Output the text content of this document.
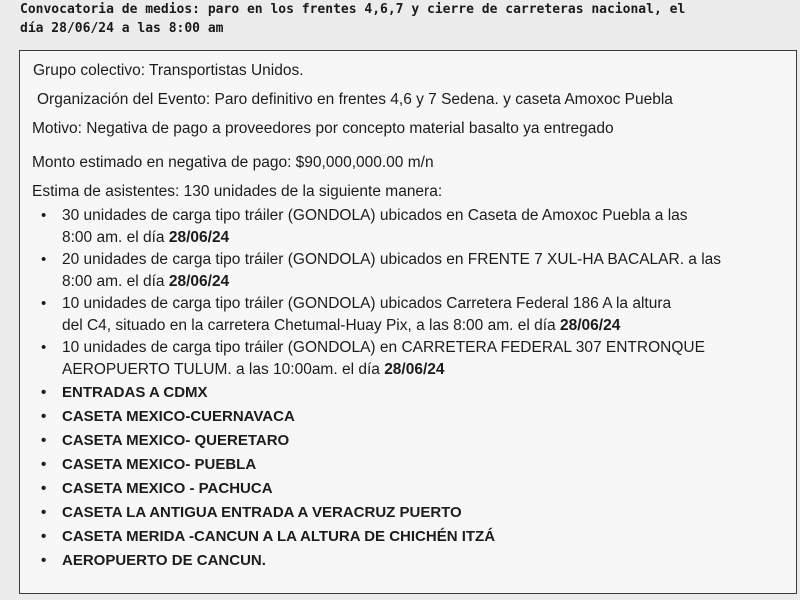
Convocatoria de medios: paro en los frentes 4,6,7 y cierre de carreteras nacional, el
día 28/06/24 a las 8:00 am
Grupo colectivo: Transportistas Unidos.
Organización del Evento: Paro definitivo en frentes 4,6 y 7 Sedena. y caseta Amoxoc Puebla
Motivo: Negativa de pago a proveedores por concepto material basalto ya entregado
Monto estimado en negativa de pago: $90,000,000.00 m/n
Estima de asistentes: 130 unidades de la siguiente manera:
• 30 unidades de carga tipo tráiler (GONDOLA) ubicados en Caseta de Amoxoc Puebla a las
8:00 am. el día 28/06/24
• 20 unidades de carga tipo tráiler (GONDOLA) ubicados en FRENTE 7 XUL-HA BACALAR. a las
8:00 am. el día 28/06/24
• 10 unidades de carga tipo tráiler (GONDOLA) ubicados Carretera Federal 186 A la altura
del C4, situado en la carretera Chetumal-Huay Pix, a las 8:00 am. el día 28/06/24
• 10 unidades de carga tipo tráiler (GONDOLA) en CARRETERA FEDERAL 307 ENTRONQUE
AEROPUERTO TULUM. a las 10:00am. el día 28/06/24
• ENTRADAS A CDMX
• CASETA MEXICO-CUERNAVACA
• CASETA MEXICO- QUERETARO
• CASETA MEXICO- PUEBLA
• CASETA MEXICO - PACHUCA
• CASETA LA ANTIGUA ENTRADA A VERACRUZ PUERTO
• CASETA MERIDA -CANCUN A LA ALTURA DE CHICHÉN ITZÁ
• AEROPUERTO DE CANCUN.
